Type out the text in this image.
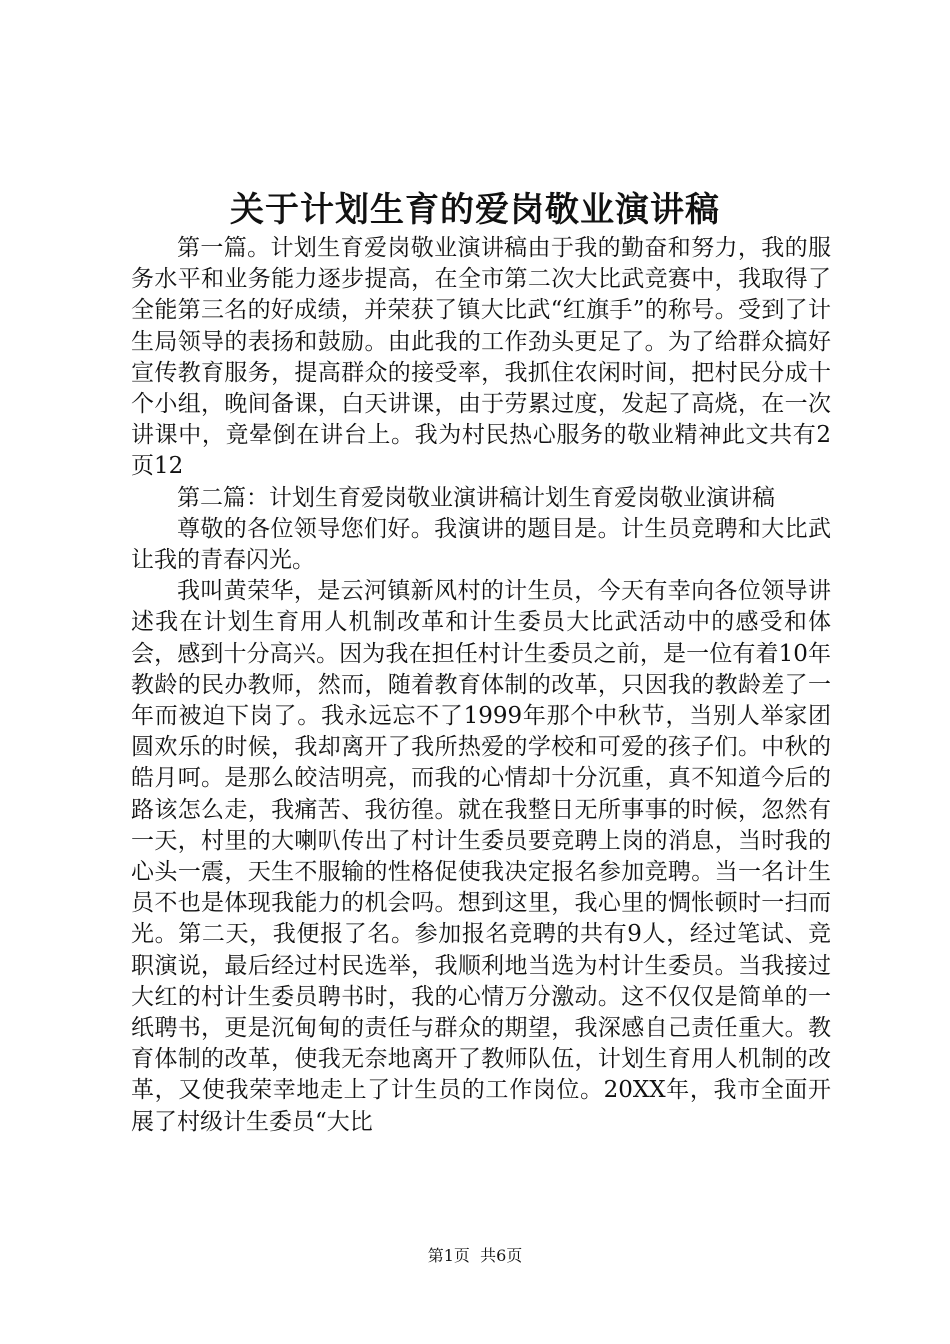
关于计划生育的爱岗敬业演讲稿

第一篇。计划生育爱岗敬业演讲稿由于我的勤奋和努力，我的服务水平和业务能力逐步提高，在全市第二次大比武竞赛中，我取得了全能第三名的好成绩，并荣获了镇大比武“红旗手”的称号。受到了计生局领导的表扬和鼓励。由此我的工作劲头更足了。为了给群众搞好宣传教育服务，提高群众的接受率，我抓住农闲时间，把村民分成十个小组，晚间备课，白天讲课，由于劳累过度，发起了高烧，在一次讲课中，竟晕倒在讲台上。我为村民热心服务的敬业精神此文共有2页12

第二篇：计划生育爱岗敬业演讲稿计划生育爱岗敬业演讲稿

尊敬的各位领导您们好。我演讲的题目是。计生员竞聘和大比武让我的青春闪光。

我叫黄荣华，是云河镇新风村的计生员，今天有幸向各位领导讲述我在计划生育用人机制改革和计生委员大比武活动中的感受和体会，感到十分高兴。因为我在担任村计生委员之前，是一位有着10年教龄的民办教师，然而，随着教育体制的改革，只因我的教龄差了一年而被迫下岗了。我永远忘不了1999年那个中秋节，当别人举家团圆欢乐的时候，我却离开了我所热爱的学校和可爱的孩子们。中秋的皓月呵。是那么皎洁明亮，而我的心情却十分沉重，真不知道今后的路该怎么走，我痛苦、我彷徨。就在我整日无所事事的时候，忽然有一天，村里的大喇叭传出了村计生委员要竞聘上岗的消息，当时我的心头一震，天生不服输的性格促使我决定报名参加竞聘。当一名计生员不也是体现我能力的机会吗。想到这里，我心里的惆怅顿时一扫而光。第二天，我便报了名。参加报名竞聘的共有9人，经过笔试、竞职演说，最后经过村民选举，我顺利地当选为村计生委员。当我接过大红的村计生委员聘书时，我的心情万分激动。这不仅仅是简单的一纸聘书，更是沉甸甸的责任与群众的期望，我深感自己责任重大。教育体制的改革，使我无奈地离开了教师队伍，计划生育用人机制的改革，又使我荣幸地走上了计生员的工作岗位。20XX年，我市全面开展了村级计生委员“大比

第1页 共6页
